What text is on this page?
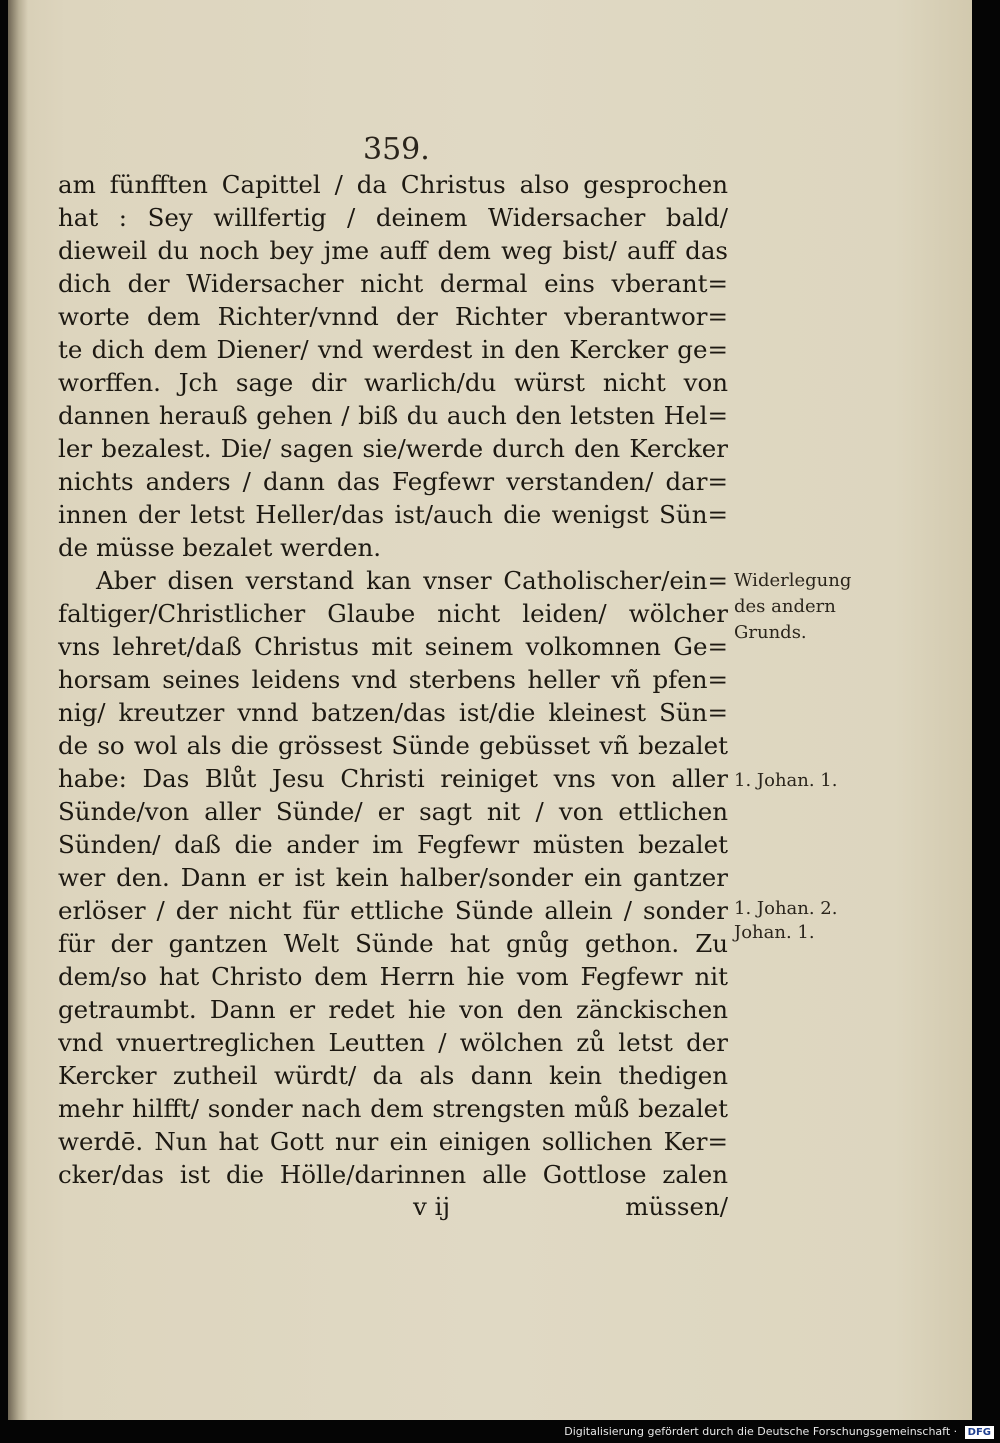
359.
am fünfften Capittel / da Christus also gesprochen
hat : Sey willfertig / deinem Widersacher bald/
dieweil du noch bey jme auff dem weg bist/ auff das
dich der Widersacher nicht dermal eins vberant=
worte dem Richter/vnnd der Richter vberantwor=
te dich dem Diener/ vnd werdest in den Kercker ge=
worffen. Jch sage dir warlich/du würst nicht von
dannen herauß gehen / biß du auch den letsten Hel=
ler bezalest. Die/ sagen sie/werde durch den Kercker
nichts anders / dann das Fegfewr verstanden/ dar=
innen der letst Heller/das ist/auch die wenigst Sün=
de müsse bezalet werden.
Aber disen verstand kan vnser Catholischer/ein=
faltiger/Christlicher Glaube nicht leiden/ wölcher
vns lehret/daß Christus mit seinem volkomnen Ge=
horsam seines leidens vnd sterbens heller vñ pfen=
nig/ kreutzer vnnd batzen/das ist/die kleinest Sün=
de so wol als die grössest Sünde gebüsset vñ bezalet
habe: Das Blůt Jesu Christi reiniget vns von aller
Sünde/von aller Sünde/ er sagt nit / von ettlichen
Sünden/ daß die ander im Fegfewr müsten bezalet
wer den. Dann er ist kein halber/sonder ein gantzer
erlöser / der nicht für ettliche Sünde allein / sonder
für der gantzen Welt Sünde hat gnůg gethon. Zu
dem/so hat Christo dem Herrn hie vom Fegfewr nit
getraumbt. Dann er redet hie von den zänckischen
vnd vnuertreglichen Leutten / wölchen zů letst der
Kercker zutheil würdt/ da als dann kein thedigen
mehr hilfft/ sonder nach dem strengsten můß bezalet
werdē. Nun hat Gott nur ein einigen sollichen Ker=
cker/das ist die Hölle/darinnen alle Gottlose zalen
Widerlegung
des andern
Grunds.
1. Johan. 1.
1. Johan. 2.
Johan. 1.
v ij	müssen/
Digitalisierung gefördert durch die Deutsche Forschungsgemeinschaft · DFG
